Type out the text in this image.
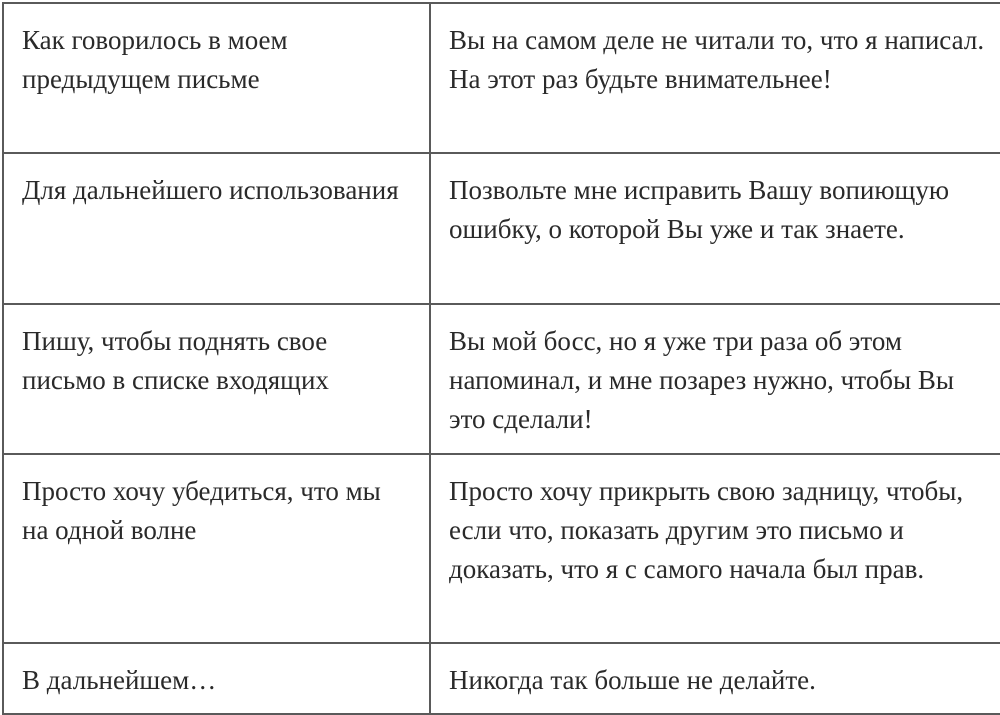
Как говорилось в моем предыдущем письме	Вы на самом деле не читали то, что я написал. На этот раз будьте внимательнее!

Для дальнейшего использования	Позвольте мне исправить Вашу вопиющую ошибку, о которой Вы уже и так знаете.

Пишу, чтобы поднять свое письмо в списке входящих	Вы мой босс, но я уже три раза об этом напоминал, и мне позарез нужно, чтобы Вы это сделали!

Просто хочу убедиться, что мы на одной волне	Просто хочу прикрыть свою задницу, чтобы, если что, показать другим это письмо и доказать, что я с самого начала был прав.

В дальнейшем…	Никогда так больше не делайте.
